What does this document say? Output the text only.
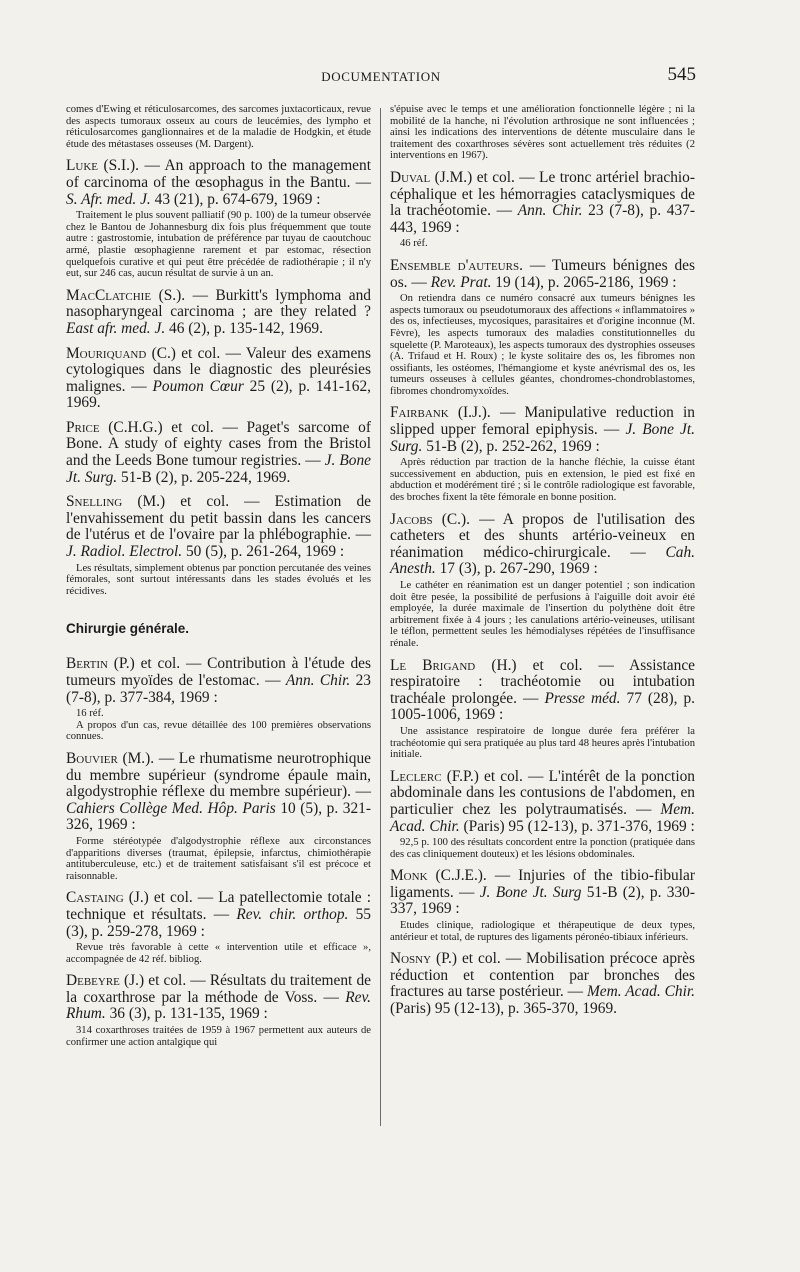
DOCUMENTATION	545

comes d'Ewing et réticulosarcomes, des sarcomes juxtacorticaux, revue des aspects tumoraux osseux au cours de leucémies, des lympho et réticulosarcomes ganglionnaires et de la maladie de Hodgkin, et étude étude des métastases osseuses (M. Dargent).

Luke (S.I.). — An approach to the management of carcinoma of the œsophagus in the Bantu. — S. Afr. med. J. 43 (21), p. 674-679, 1969 :

Traitement le plus souvent palliatif (90 p. 100) de la tumeur observée chez le Bantou de Johannesburg dix fois plus fréquemment que toute autre : gastrostomie, intubation de préférence par tuyau de caoutchouc armé, plastie œsophagienne rarement et par estomac, résection quelquefois curative et qui peut être précédée de radiothérapie ; il n'y eut, sur 246 cas, aucun résultat de survie à un an.

MacClatchie (S.). — Burkitt's lymphoma and nasopharyngeal carcinoma ; are they related ? East afr. med. J. 46 (2), p. 135-142, 1969.

Mouriquand (C.) et col. — Valeur des examens cytologiques dans le diagnostic des pleurésies malignes. — Poumon Cœur 25 (2), p. 141-162, 1969.

Price (C.H.G.) et col. — Paget's sarcome of Bone. A study of eighty cases from the Bristol and the Leeds Bone tumour registries. — J. Bone Jt. Surg. 51-B (2), p. 205-224, 1969.

Snelling (M.) et col. — Estimation de l'envahissement du petit bassin dans les cancers de l'utérus et de l'ovaire par la phlébographie. — J. Radiol. Electrol. 50 (5), p. 261-264, 1969 :

Les résultats, simplement obtenus par ponction percutanée des veines fémorales, sont surtout intéressants dans les stades évolués et les récidives.

Chirurgie générale.

Bertin (P.) et col. — Contribution à l'étude des tumeurs myoïdes de l'estomac. — Ann. Chir. 23 (7-8), p. 377-384, 1969 :

16 réf.

A propos d'un cas, revue détaillée des 100 premières observations connues.

Bouvier (M.). — Le rhumatisme neurotrophique du membre supérieur (syndrome épaule main, algodystrophie réflexe du membre supérieur). — Cahiers Collège Med. Hôp. Paris 10 (5), p. 321-326, 1969 :

Forme stéréotypée d'algodystrophie réflexe aux circonstances d'apparitions diverses (traumat, épilepsie, infarctus, chimiothérapie antituberculeuse, etc.) et de traitement satisfaisant s'il est précoce et raisonnable.

Castaing (J.) et col. — La patellectomie totale : technique et résultats. — Rev. chir. orthop. 55 (3), p. 259-278, 1969 :

Revue très favorable à cette « intervention utile et efficace », accompagnée de 42 réf. bibliog.

Debeyre (J.) et col. — Résultats du traitement de la coxarthrose par la méthode de Voss. — Rev. Rhum. 36 (3), p. 131-135, 1969 :

314 coxarthroses traitées de 1959 à 1967 permettent aux auteurs de confirmer une action antalgique qui

s'épuise avec le temps et une amélioration fonctionnelle légère ; ni la mobilité de la hanche, ni l'évolution arthrosique ne sont influencées ; ainsi les indications des interventions de détente musculaire dans le traitement des coxarthroses sévères sont actuellement très réduites (2 interventions en 1967).

Duval (J.M.) et col. — Le tronc artériel brachio-céphalique et les hémorragies cataclysmiques de la trachéotomie. — Ann. Chir. 23 (7-8), p. 437-443, 1969 :

46 réf.

Ensemble d'auteurs. — Tumeurs bénignes des os. — Rev. Prat. 19 (14), p. 2065-2186, 1969 :

On retiendra dans ce numéro consacré aux tumeurs bénignes les aspects tumoraux ou pseudotumoraux des affections « inflammatoires » des os, infectieuses, mycosiques, parasitaires et d'origine inconnue (M. Fèvre), les aspects tumoraux des maladies constitutionnelles du squelette (P. Maroteaux), les aspects tumoraux des dystrophies osseuses (A. Trifaud et H. Roux) ; le kyste solitaire des os, les fibromes non ossifiants, les ostéomes, l'hémangiome et kyste anévrismal des os, les tumeurs osseuses à cellules géantes, chondromes-chondroblastomes, fibromes chondromyxoïdes.

Fairbank (I.J.). — Manipulative reduction in slipped upper femoral epiphysis. — J. Bone Jt. Surg. 51-B (2), p. 252-262, 1969 :

Après réduction par traction de la hanche fléchie, la cuisse étant successivement en abduction, puis en extension, le pied est fixé en abduction et modérément tiré ; si le contrôle radiologique est favorable, des broches fixent la tête fémorale en bonne position.

Jacobs (C.). — A propos de l'utilisation des catheters et des shunts artério-veineux en réanimation médico-chirurgicale. — Cah. Anesth. 17 (3), p. 267-290, 1969 :

Le cathéter en réanimation est un danger potentiel ; son indication doit être pesée, la possibilité de perfusions à l'aiguille doit avoir été employée, la durée maximale de l'insertion du polythène doit être arbitrement fixée à 4 jours ; les canulations artério-veineuses, utilisant le téflon, permettent seules les hémodialyses répétées de l'insuffisance rénale.

Le Brigand (H.) et col. — Assistance respiratoire : trachéotomie ou intubation trachéale prolongée. — Presse méd. 77 (28), p. 1005-1006, 1969 :

Une assistance respiratoire de longue durée fera préférer la trachéotomie qui sera pratiquée au plus tard 48 heures après l'intubation initiale.

Leclerc (F.P.) et col. — L'intérêt de la ponction abdominale dans les contusions de l'abdomen, en particulier chez les polytraumatisés. — Mem. Acad. Chir. (Paris) 95 (12-13), p. 371-376, 1969 :

92,5 p. 100 des résultats concordent entre la ponction (pratiquée dans des cas cliniquement douteux) et les lésions obdominales.

Monk (C.J.E.). — Injuries of the tibio-fibular ligaments. — J. Bone Jt. Surg 51-B (2), p. 330-337, 1969 :

Etudes clinique, radiologique et thérapeutique de deux types, antérieur et total, de ruptures des ligaments péronéo-tibiaux inférieurs.

Nosny (P.) et col. — Mobilisation précoce après réduction et contention par bronches des fractures au tarse postérieur. — Mem. Acad. Chir. (Paris) 95 (12-13), p. 365-370, 1969.
